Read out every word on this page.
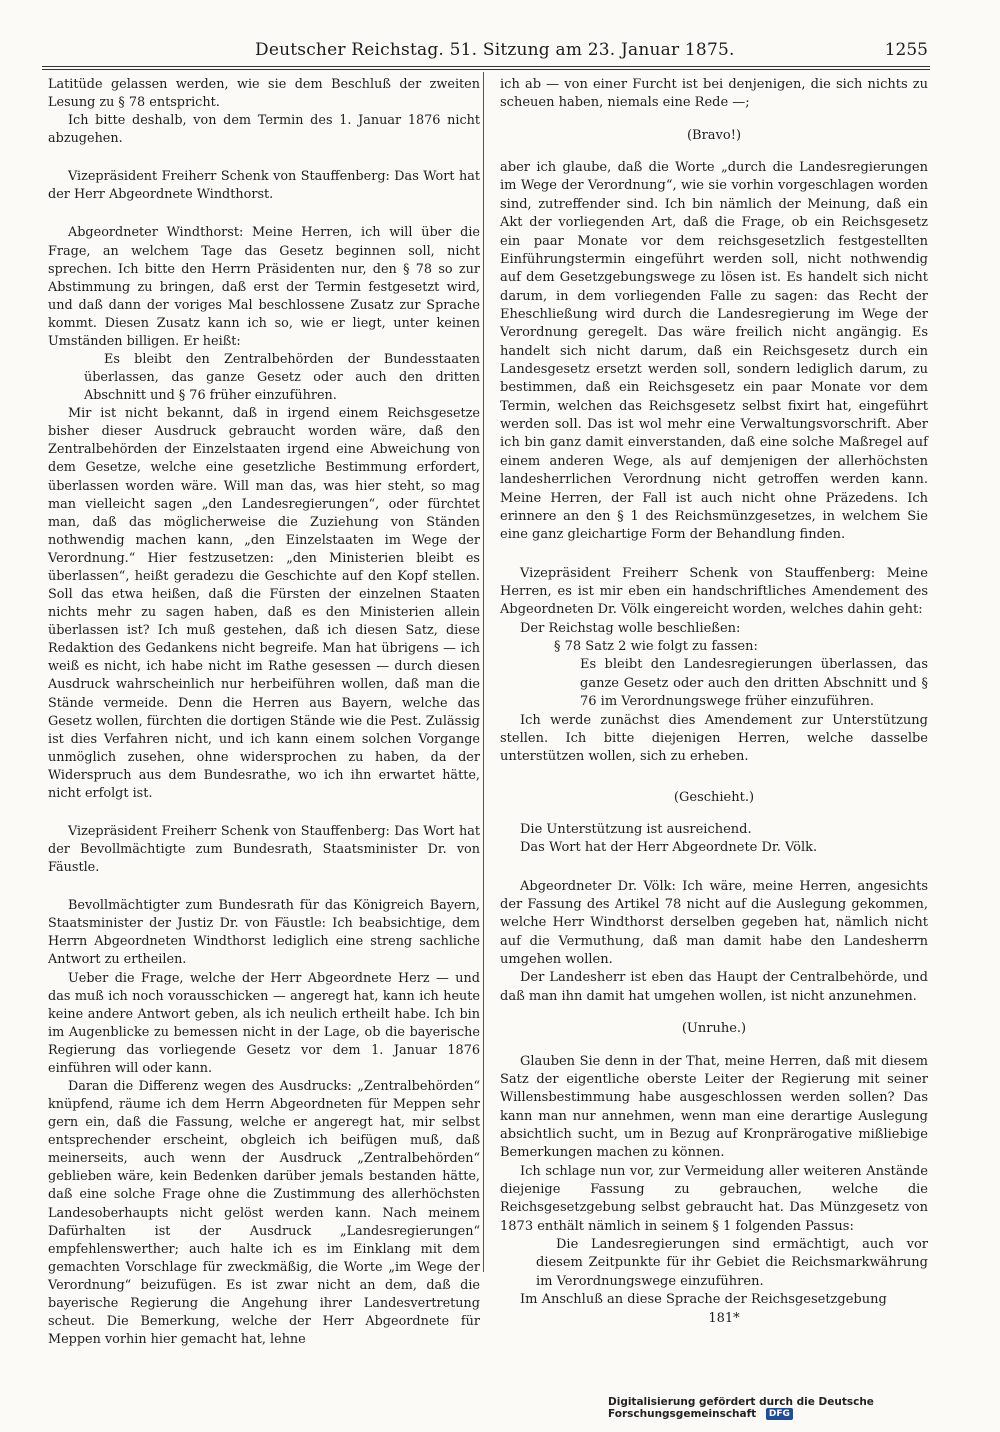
Deutscher Reichstag. 51. Sitzung am 23. Januar 1875.	1255

Latitüde gelassen werden, wie sie dem Beschluß der zweiten Lesung zu § 78 entspricht.

Ich bitte deshalb, von dem Termin des 1. Januar 1876 nicht abzugehen.

Vizepräsident Freiherr Schenk von Stauffenberg: Das Wort hat der Herr Abgeordnete Windthorst.

Abgeordneter Windthorst: Meine Herren, ich will über die Frage, an welchem Tage das Gesetz beginnen soll, nicht sprechen. Ich bitte den Herrn Präsidenten nur, den § 78 so zur Abstimmung zu bringen, daß erst der Termin festgesetzt wird, und daß dann der voriges Mal beschlossene Zusatz zur Sprache kommt. Diesen Zusatz kann ich so, wie er liegt, unter keinen Umständen billigen. Er heißt:

Es bleibt den Zentralbehörden der Bundesstaaten überlassen, das ganze Gesetz oder auch den dritten Abschnitt und § 76 früher einzuführen.

Mir ist nicht bekannt, daß in irgend einem Reichsgesetze bisher dieser Ausdruck gebraucht worden wäre, daß den Zentralbehörden der Einzelstaaten irgend eine Abweichung von dem Gesetze, welche eine gesetzliche Bestimmung erfordert, überlassen worden wäre. Will man das, was hier steht, so mag man vielleicht sagen „den Landesregierungen“, oder fürchtet man, daß das möglicherweise die Zuziehung von Ständen nothwendig machen kann, „den Einzelstaaten im Wege der Verordnung.“ Hier festzusetzen: „den Ministerien bleibt es überlassen“, heißt geradezu die Geschichte auf den Kopf stellen. Soll das etwa heißen, daß die Fürsten der einzelnen Staaten nichts mehr zu sagen haben, daß es den Ministerien allein überlassen ist? Ich muß gestehen, daß ich diesen Satz, diese Redaktion des Gedankens nicht begreife. Man hat übrigens — ich weiß es nicht, ich habe nicht im Rathe gesessen — durch diesen Ausdruck wahrscheinlich nur herbeiführen wollen, daß man die Stände vermeide. Denn die Herren aus Bayern, welche das Gesetz wollen, fürchten die dortigen Stände wie die Pest. Zulässig ist dies Verfahren nicht, und ich kann einem solchen Vorgange unmöglich zusehen, ohne widersprochen zu haben, da der Widerspruch aus dem Bundesrathe, wo ich ihn erwartet hätte, nicht erfolgt ist.

Vizepräsident Freiherr Schenk von Stauffenberg: Das Wort hat der Bevollmächtigte zum Bundesrath, Staatsminister Dr. von Fäustle.

Bevollmächtigter zum Bundesrath für das Königreich Bayern, Staatsminister der Justiz Dr. von Fäustle: Ich beabsichtige, dem Herrn Abgeordneten Windthorst lediglich eine streng sachliche Antwort zu ertheilen.

Ueber die Frage, welche der Herr Abgeordnete Herz — und das muß ich noch vorausschicken — angeregt hat, kann ich heute keine andere Antwort geben, als ich neulich ertheilt habe. Ich bin im Augenblicke zu bemessen nicht in der Lage, ob die bayerische Regierung das vorliegende Gesetz vor dem 1. Januar 1876 einführen will oder kann.

Daran die Differenz wegen des Ausdrucks: „Zentralbehörden“ knüpfend, räume ich dem Herrn Abgeordneten für Meppen sehr gern ein, daß die Fassung, welche er angeregt hat, mir selbst entsprechender erscheint, obgleich ich beifügen muß, daß meinerseits, auch wenn der Ausdruck „Zentralbehörden“ geblieben wäre, kein Bedenken darüber jemals bestanden hätte, daß eine solche Frage ohne die Zustimmung des allerhöchsten Landesoberhaupts nicht gelöst werden kann. Nach meinem Dafürhalten ist der Ausdruck „Landesregierungen“ empfehlenswerther; auch halte ich es im Einklang mit dem gemachten Vorschlage für zweckmäßig, die Worte „im Wege der Verordnung“ beizufügen. Es ist zwar nicht an dem, daß die bayerische Regierung die Angehung ihrer Landesvertretung scheut. Die Bemerkung, welche der Herr Abgeordnete für Meppen vorhin hier gemacht hat, lehne

ich ab — von einer Furcht ist bei denjenigen, die sich nichts zu scheuen haben, niemals eine Rede —;

(Bravo!)

aber ich glaube, daß die Worte „durch die Landesregierungen im Wege der Verordnung“, wie sie vorhin vorgeschlagen worden sind, zutreffender sind. Ich bin nämlich der Meinung, daß ein Akt der vorliegenden Art, daß die Frage, ob ein Reichsgesetz ein paar Monate vor dem reichsgesetzlich festgestellten Einführungstermin eingeführt werden soll, nicht nothwendig auf dem Gesetzgebungswege zu lösen ist. Es handelt sich nicht darum, in dem vorliegenden Falle zu sagen: das Recht der Eheschließung wird durch die Landesregierung im Wege der Verordnung geregelt. Das wäre freilich nicht angängig. Es handelt sich nicht darum, daß ein Reichsgesetz durch ein Landesgesetz ersetzt werden soll, sondern lediglich darum, zu bestimmen, daß ein Reichsgesetz ein paar Monate vor dem Termin, welchen das Reichsgesetz selbst fixirt hat, eingeführt werden soll. Das ist wol mehr eine Verwaltungsvorschrift. Aber ich bin ganz damit einverstanden, daß eine solche Maßregel auf einem anderen Wege, als auf demjenigen der allerhöchsten landesherrlichen Verordnung nicht getroffen werden kann. Meine Herren, der Fall ist auch nicht ohne Präzedens. Ich erinnere an den § 1 des Reichsmünzgesetzes, in welchem Sie eine ganz gleichartige Form der Behandlung finden.

Vizepräsident Freiherr Schenk von Stauffenberg: Meine Herren, es ist mir eben ein handschriftliches Amendement des Abgeordneten Dr. Völk eingereicht worden, welches dahin geht:

Der Reichstag wolle beschließen:

§ 78 Satz 2 wie folgt zu fassen:

Es bleibt den Landesregierungen überlassen, das ganze Gesetz oder auch den dritten Abschnitt und § 76 im Verordnungswege früher einzuführen.

Ich werde zunächst dies Amendement zur Unterstützung stellen. Ich bitte diejenigen Herren, welche dasselbe unterstützen wollen, sich zu erheben.

(Geschieht.)

Die Unterstützung ist ausreichend.

Das Wort hat der Herr Abgeordnete Dr. Völk.

Abgeordneter Dr. Völk: Ich wäre, meine Herren, angesichts der Fassung des Artikel 78 nicht auf die Auslegung gekommen, welche Herr Windthorst derselben gegeben hat, nämlich nicht auf die Vermuthung, daß man damit habe den Landesherrn umgehen wollen.

Der Landesherr ist eben das Haupt der Centralbehörde, und daß man ihn damit hat umgehen wollen, ist nicht anzunehmen.

(Unruhe.)

Glauben Sie denn in der That, meine Herren, daß mit diesem Satz der eigentliche oberste Leiter der Regierung mit seiner Willensbestimmung habe ausgeschlossen werden sollen? Das kann man nur annehmen, wenn man eine derartige Auslegung absichtlich sucht, um in Bezug auf Kronprärogative mißliebige Bemerkungen machen zu können.

Ich schlage nun vor, zur Vermeidung aller weiteren Anstände diejenige Fassung zu gebrauchen, welche die Reichsgesetzgebung selbst gebraucht hat. Das Münzgesetz von 1873 enthält nämlich in seinem § 1 folgenden Passus:

Die Landesregierungen sind ermächtigt, auch vor diesem Zeitpunkte für ihr Gebiet die Reichsmarkwährung im Verordnungswege einzuführen.

Im Anschluß an diese Sprache der Reichsgesetzgebung

181*

Digitalisierung gefördert durch die Deutsche Forschungsgemeinschaft DFG
